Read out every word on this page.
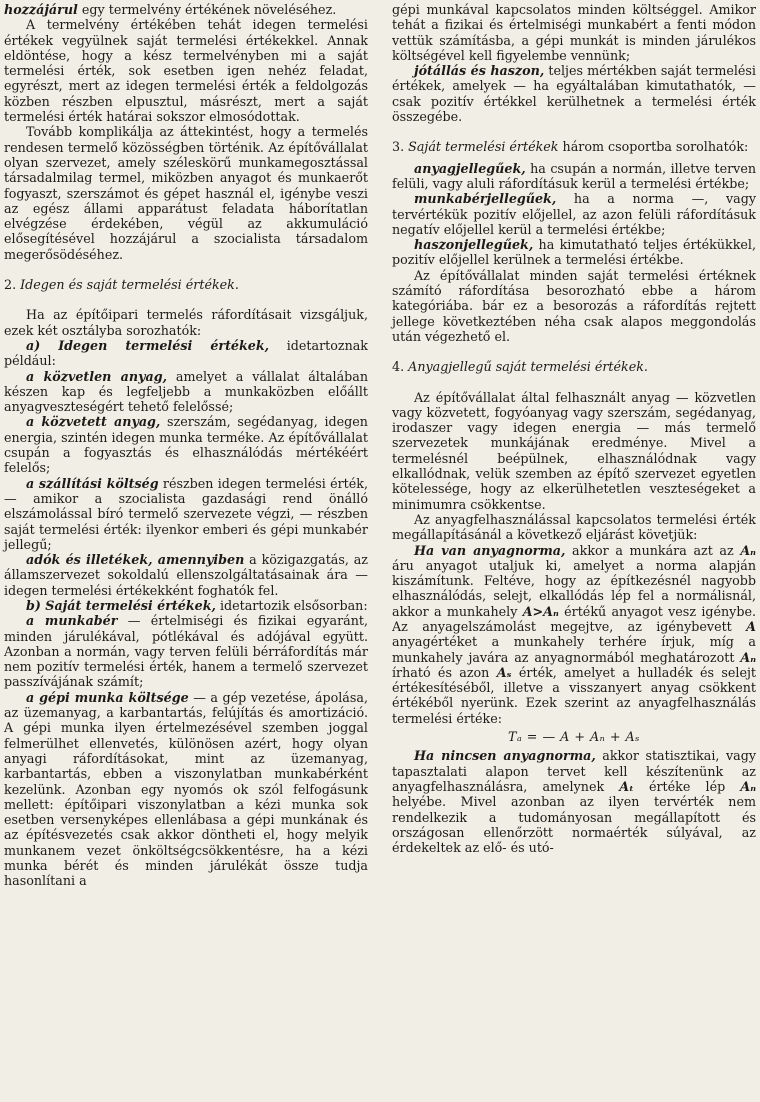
hozzájárul egy termelvény értékének növeléséhez.

A termelvény értékében tehát idegen termelési értékek vegyülnek saját termelési értékekkel. Annak eldöntése, hogy a kész termelvényben mi a saját termelési érték, sok esetben igen nehéz feladat, egyrészt, mert az idegen termelési érték a feldolgozás közben részben elpusztul, másrészt, mert a saját termelési érték határai sokszor elmosódottak.

Tovább komplikálja az áttekintést, hogy a termelés rendesen termelő közösségben történik. Az építővállalat olyan szervezet, amely széleskörű munkamegosztással társadalmilag termel, miközben anyagot és munkaerőt fogyaszt, szerszámot és gépet használ el, igénybe veszi az egész állami apparátust feladata háborítatlan elvégzése érdekében, végül az akkumuláció elősegítésével hozzájárul a szocialista társadalom megerősödéséhez.

2. Idegen és saját termelési értékek.

Ha az építőipari termelés ráfordításait vizsgáljuk, ezek két osztályba sorozhatók:

a) Idegen termelési értékek, idetartoznak például:

a közvetlen anyag, amelyet a vállalat általában készen kap és legfeljebb a munkaközben előállt anyagveszteségért tehető felelőssé;

a közvetett anyag, szerszám, segédanyag, idegen energia, szintén idegen munka terméke. Az építővállalat csupán a fogyasztás és elhasználódás mértékéért felelős;

a szállítási költség részben idegen termelési érték, — amikor a szocialista gazdasági rend önálló elszámolással bíró termelő szervezete végzi, — részben saját termelési érték: ilyenkor emberi és gépi munkabér jellegű;

adók és illetékek, amennyiben a közigazgatás, az államszervezet sokoldalú ellenszolgáltatásainak ára — idegen termelési értékekként foghatók fel.

b) Saját termelési értékek, idetartozik elsősorban:

a munkabér — értelmiségi és fizikai egyaránt, minden járulékával, pótlékával és adójával együtt. Azonban a normán, vagy terven felüli bérráfordítás már nem pozitív termelési érték, hanem a termelő szervezet passzívájának számít;

a gépi munka költsége — a gép vezetése, ápolása, az üzemanyag, a karbantartás, felújítás és amortizáció. A gépi munka ilyen értelmezésével szemben joggal felmerülhet ellenvetés, különösen azért, hogy olyan anyagi ráfordításokat, mint az üzemanyag, karbantartás, ebben a viszonylatban munkabérként kezelünk. Azonban egy nyomós ok szól felfogásunk mellett: építőipari viszonylatban a kézi munka sok esetben versenyképes ellenlábasa a gépi munkának és az építésvezetés csak akkor döntheti el, hogy melyik munkanem vezet önköltségcsökkentésre, ha a kézi munka bérét és minden járulékát össze tudja hasonlítani a

gépi munkával kapcsolatos minden költséggel. Amikor tehát a fizikai és értelmiségi munkabért a fenti módon vettük számításba, a gépi munkát is minden járulékos költségével kell figyelembe vennünk;

jótállás és haszon, teljes mértékben saját termelési értékek, amelyek — ha egyáltalában kimutathatók, — csak pozitív értékkel kerülhetnek a termelési érték összegébe.

3. Saját termelési értékek három csoportba sorolhatók:

anyagjellegűek, ha csupán a normán, illetve terven felüli, vagy aluli ráfordításuk kerül a termelési értékbe;

munkabérjellegűek, ha a norma —, vagy tervértékük pozitív előjellel, az azon felüli ráfordításuk negatív előjellel kerül a termelési értékbe;

haszonjellegűek, ha kimutatható teljes értékükkel, pozitív előjellel kerülnek a termelési értékbe.

Az építővállalat minden saját termelési értéknek számító ráfordítása besorozható ebbe a három kategóriába. bár ez a besorozás a ráfordítás rejtett jellege következtében néha csak alapos meggondolás után végezhető el.

4. Anyagjellegű saját termelési értékek.

Az építővállalat által felhasznált anyag — közvetlen vagy közvetett, fogyóanyag vagy szerszám, segédanyag, irodaszer vagy idegen energia — más termelő szervezetek munkájának eredménye. Mivel a termelésnél beépülnek, elhasználódnak vagy elkallódnak, velük szemben az építő szervezet egyetlen kötelessége, hogy az elkerülhetetlen veszteségeket a minimumra csökkentse.

Az anyagfelhasználással kapcsolatos termelési érték megállapításánál a következő eljárást követjük:

Ha van anyagnorma, akkor a munkára azt az Aₙ áru anyagot utaljuk ki, amelyet a norma alapján kiszámítunk. Feltéve, hogy az építkezésnél nagyobb elhasználódás, selejt, elkallódás lép fel a normálisnál, akkor a munkahely A>Aₙ értékű anyagot vesz igénybe. Az anyagelszámolást megejtve, az igénybevett A anyagértéket a munkahely terhére írjuk, míg a munkahely javára az anyagnormából meghatározott Aₙ írható és azon Aₛ érték, amelyet a hulladék és selejt értékesítéséből, illetve a visszanyert anyag csökkent értékéből nyerünk. Ezek szerint az anyagfelhasználás termelési értéke:

Tₐ = — A + Aₙ + Aₛ

Ha nincsen anyagnorma, akkor statisztikai, vagy tapasztalati alapon tervet kell készítenünk az anyagfelhasználásra, amelynek Aₜ értéke lép Aₙ helyébe. Mivel azonban az ilyen tervérték nem rendelkezik a tudományosan megállapított és országosan ellenőrzött normaérték súlyával, az érdekeltek az elő- és utó-
